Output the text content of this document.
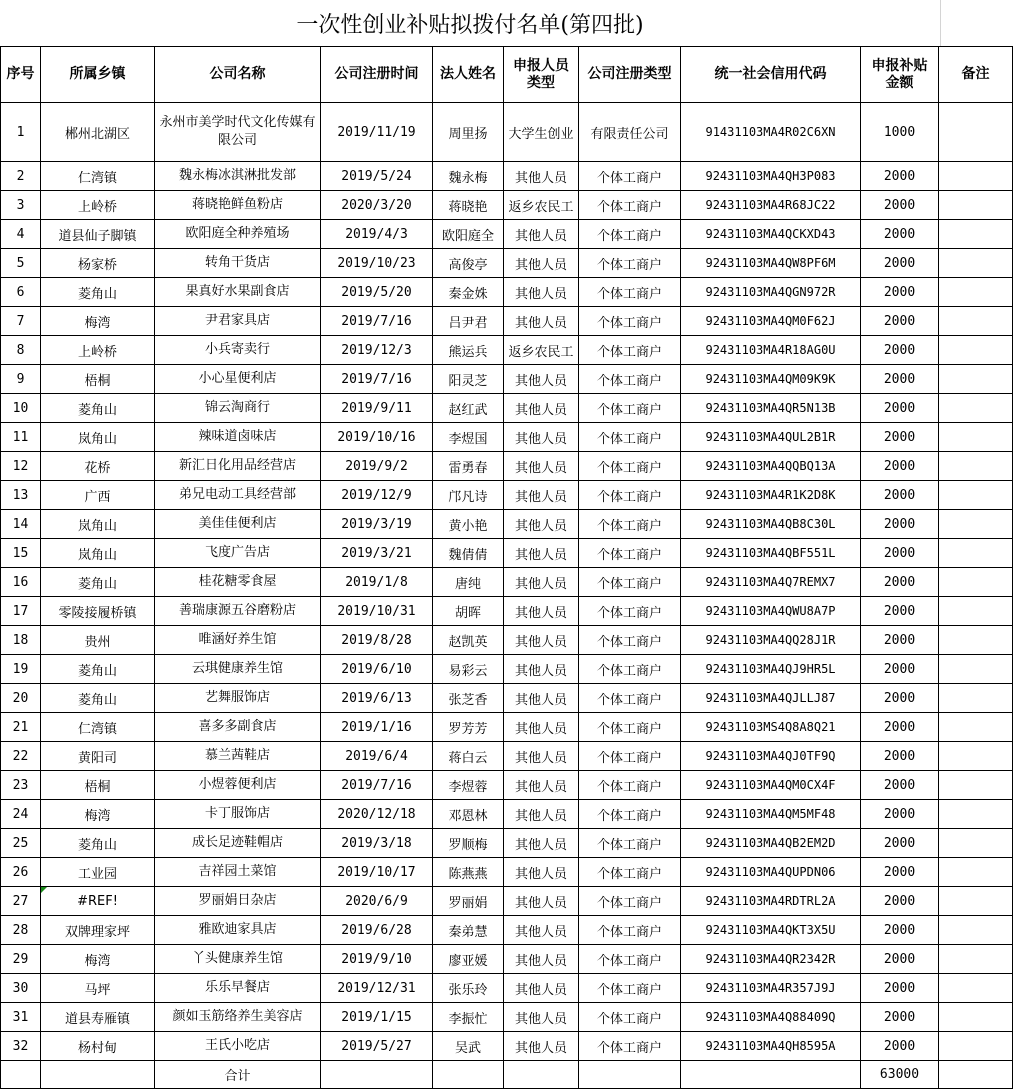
一次性创业补贴拟拨付名单(第四批)
序号	所属乡镇	公司名称	公司注册时间	法人姓名	申报人员类型	公司注册类型	统一社会信用代码	申报补贴金额	备注
1	郴州北湖区	永州市美学时代文化传媒有限公司	2019/11/19	周里扬	大学生创业	有限责任公司	91431103MA4R02C6XN	1000	
2	仁湾镇	魏永梅冰淇淋批发部	2019/5/24	魏永梅	其他人员	个体工商户	92431103MA4QH3P083	2000	
3	上岭桥	蒋晓艳鲜鱼粉店	2020/3/20	蒋晓艳	返乡农民工	个体工商户	92431103MA4R68JC22	2000	
4	道县仙子脚镇	欧阳庭全种养殖场	2019/4/3	欧阳庭全	其他人员	个体工商户	92431103MA4QCKXD43	2000	
5	杨家桥	转角干货店	2019/10/23	高俊亭	其他人员	个体工商户	92431103MA4QW8PF6M	2000	
6	菱角山	果真好水果副食店	2019/5/20	秦金姝	其他人员	个体工商户	92431103MA4QGN972R	2000	
7	梅湾	尹君家具店	2019/7/16	吕尹君	其他人员	个体工商户	92431103MA4QM0F62J	2000	
8	上岭桥	小兵寄卖行	2019/12/3	熊运兵	返乡农民工	个体工商户	92431103MA4R18AG0U	2000	
9	梧桐	小心星便利店	2019/7/16	阳灵芝	其他人员	个体工商户	92431103MA4QM09K9K	2000	
10	菱角山	锦云淘商行	2019/9/11	赵红武	其他人员	个体工商户	92431103MA4QR5N13B	2000	
11	岚角山	辣味道卤味店	2019/10/16	李煜国	其他人员	个体工商户	92431103MA4QUL2B1R	2000	
12	花桥	新汇日化用品经营店	2019/9/2	雷勇春	其他人员	个体工商户	92431103MA4QQBQ13A	2000	
13	广西	弟兄电动工具经营部	2019/12/9	邝凡诗	其他人员	个体工商户	92431103MA4R1K2D8K	2000	
14	岚角山	美佳佳便利店	2019/3/19	黄小艳	其他人员	个体工商户	92431103MA4QB8C30L	2000	
15	岚角山	飞度广告店	2019/3/21	魏倩倩	其他人员	个体工商户	92431103MA4QBF551L	2000	
16	菱角山	桂花糖零食屋	2019/1/8	唐纯	其他人员	个体工商户	92431103MA4Q7REMX7	2000	
17	零陵接履桥镇	善瑞康源五谷磨粉店	2019/10/31	胡晖	其他人员	个体工商户	92431103MA4QWU8A7P	2000	
18	贵州	唯涵好养生馆	2019/8/28	赵凯英	其他人员	个体工商户	92431103MA4QQ28J1R	2000	
19	菱角山	云琪健康养生馆	2019/6/10	易彩云	其他人员	个体工商户	92431103MA4QJ9HR5L	2000	
20	菱角山	艺舞服饰店	2019/6/13	张芝香	其他人员	个体工商户	92431103MA4QJLLJ87	2000	
21	仁湾镇	喜多多副食店	2019/1/16	罗芳芳	其他人员	个体工商户	92431103MS4Q8A8Q21	2000	
22	黄阳司	慕兰茜鞋店	2019/6/4	蒋白云	其他人员	个体工商户	92431103MA4QJ0TF9Q	2000	
23	梧桐	小煜蓉便利店	2019/7/16	李煜蓉	其他人员	个体工商户	92431103MA4QM0CX4F	2000	
24	梅湾	卡丁服饰店	2020/12/18	邓恩林	其他人员	个体工商户	92431103MA4QM5MF48	2000	
25	菱角山	成长足迹鞋帽店	2019/3/18	罗顺梅	其他人员	个体工商户	92431103MA4QB2EM2D	2000	
26	工业园	吉祥园土菜馆	2019/10/17	陈燕燕	其他人员	个体工商户	92431103MA4QUPDN06	2000	
27	#REF!	罗丽娟日杂店	2020/6/9	罗丽娟	其他人员	个体工商户	92431103MA4RDTRL2A	2000	
28	双牌理家坪	雅欧迪家具店	2019/6/28	秦弟慧	其他人员	个体工商户	92431103MA4QKT3X5U	2000	
29	梅湾	丫头健康养生馆	2019/9/10	廖亚媛	其他人员	个体工商户	92431103MA4QR2342R	2000	
30	马坪	乐乐早餐店	2019/12/31	张乐玲	其他人员	个体工商户	92431103MA4R357J9J	2000	
31	道县寿雁镇	颜如玉筋络养生美容店	2019/1/15	李振忙	其他人员	个体工商户	92431103MA4Q88409Q	2000	
32	杨村甸	王氏小吃店	2019/5/27	吴武	其他人员	个体工商户	92431103MA4QH8595A	2000	
		合计						63000	
